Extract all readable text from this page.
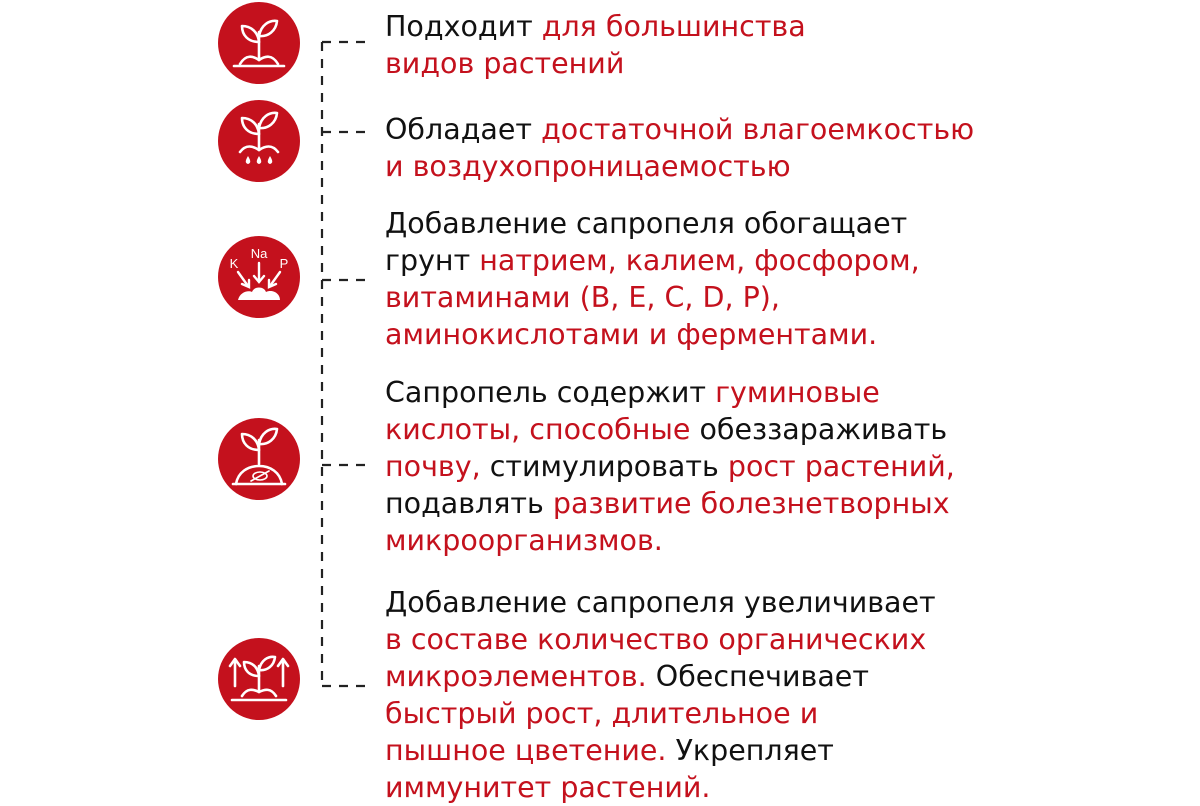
Na
K	P
Подходит для большинства
видов растений
Обладает достаточной влагоемкостью
и воздухопроницаемостью
Добавление сапропеля обогащает
грунт натрием, калием, фосфором,
витаминами (B, E, C, D, P),
аминокислотами и ферментами.
Сапропель содержит гуминовые
кислоты, способные обеззараживать
почву, стимулировать рост растений,
подавлять развитие болезнетворных
микроорганизмов.
Добавление сапропеля увеличивает
в составе количество органических
микроэлементов. Обеспечивает
быстрый рост, длительное и
пышное цветение. Укрепляет
иммунитет растений.
